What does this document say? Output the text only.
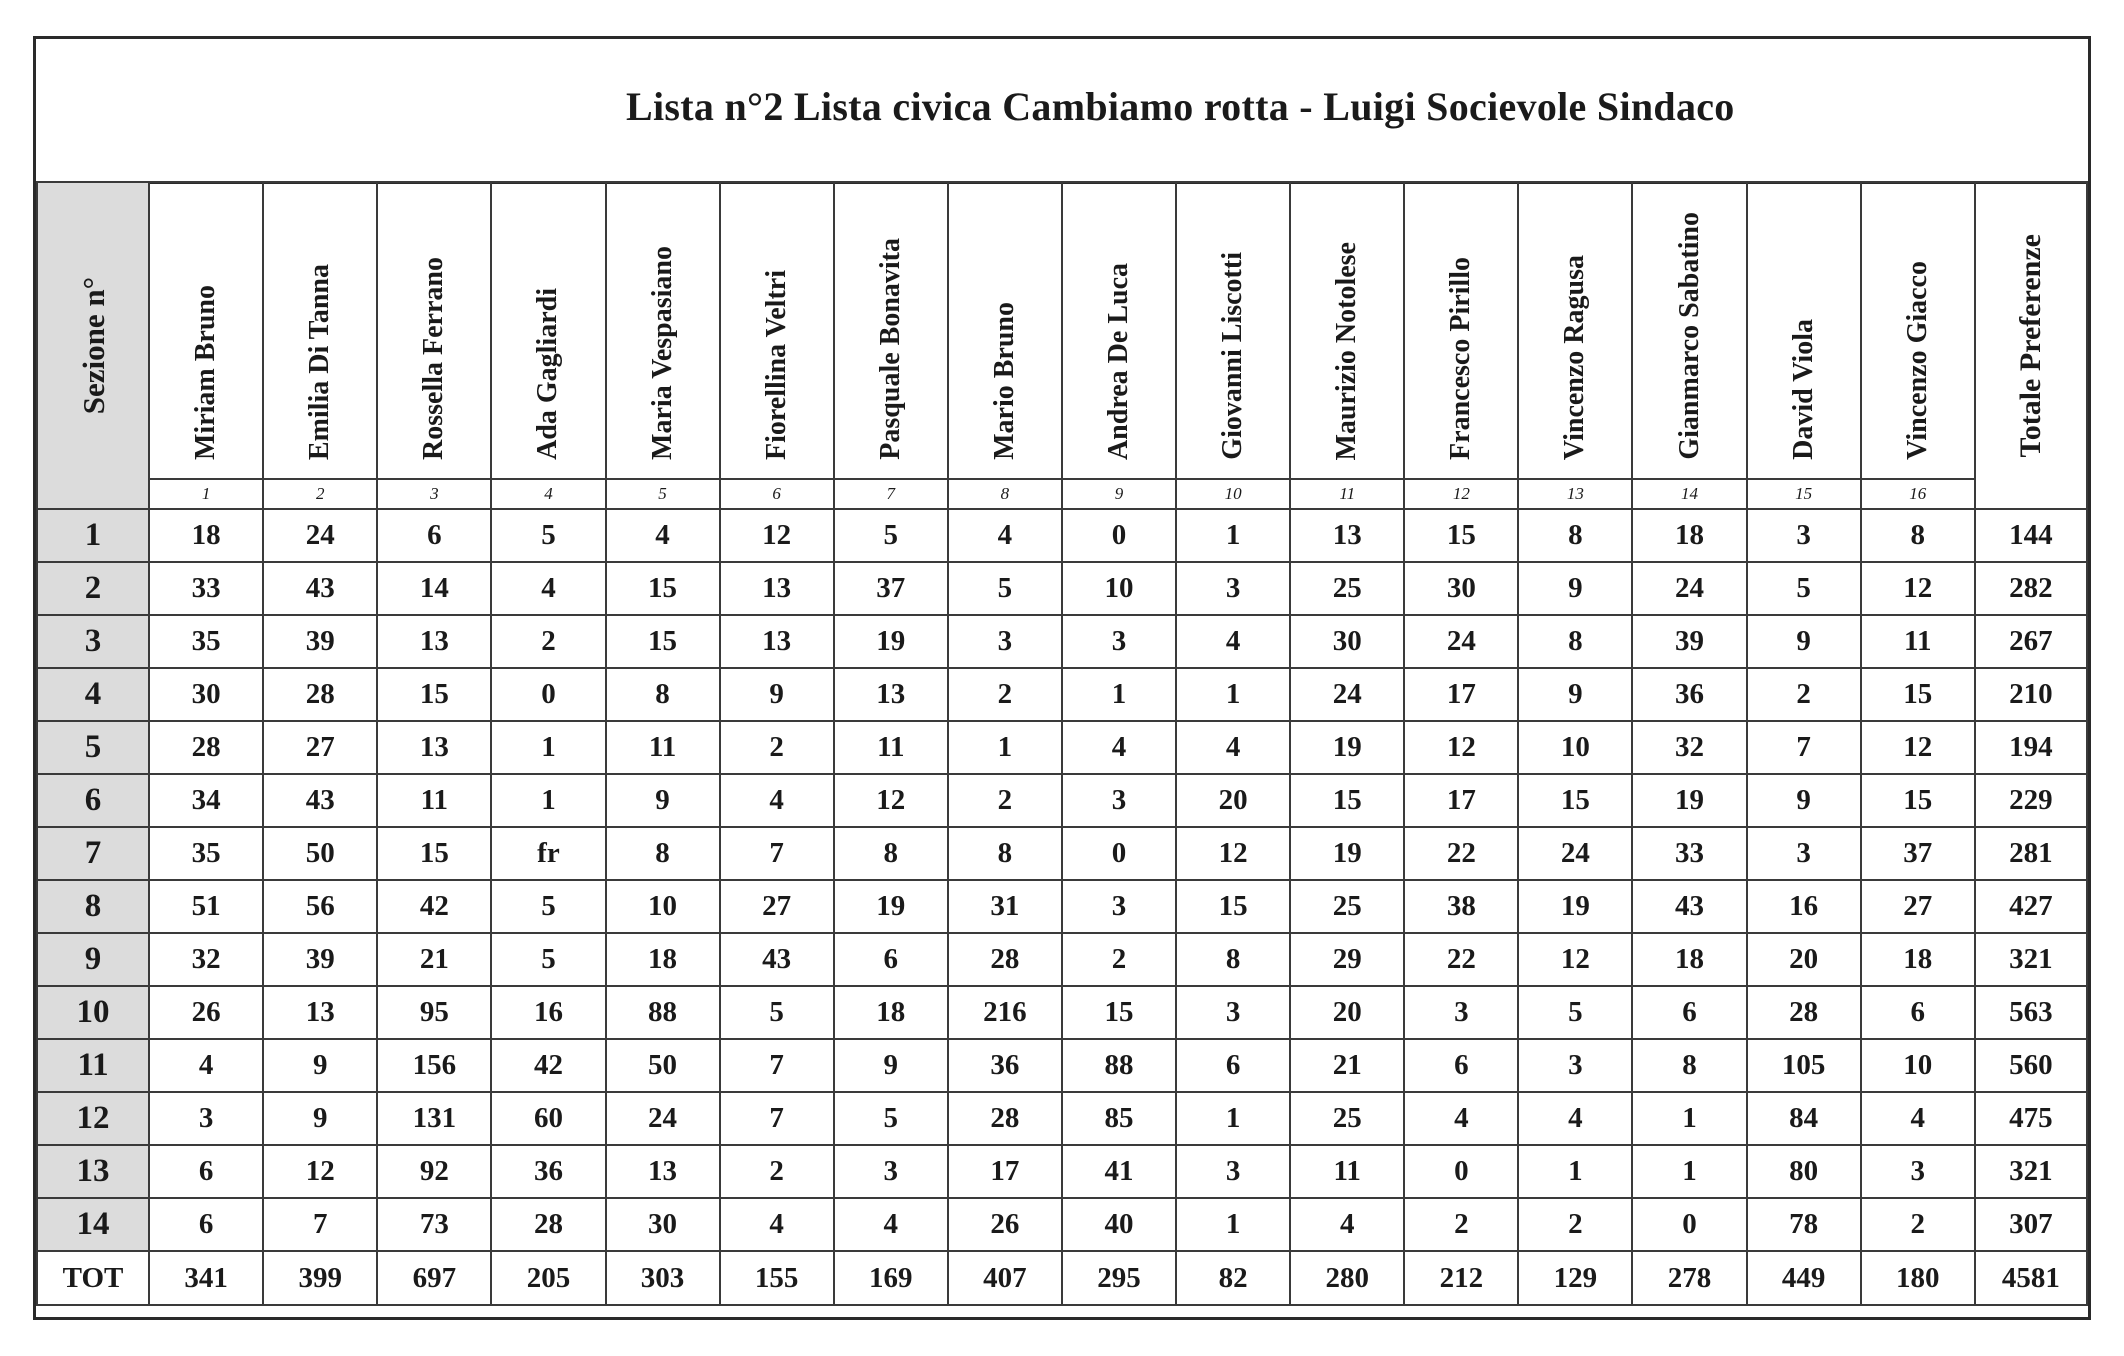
Lista n°2 Lista civica Cambiamo rotta - Luigi Socievole Sindaco
Sezione n°	Miriam Bruno	Emilia Di Tanna	Rossella Ferrano	Ada Gagliardi	Maria Vespasiano	Fiorellina Veltri	Pasquale Bonavita	Mario Bruno	Andrea De Luca	Giovanni Liscotti	Maurizio Notolese	Francesco Pirillo	Vincenzo Ragusa	Gianmarco Sabatino	David Viola	Vincenzo Giacco	Totale Preferenze

	1	2	3	4	5	6	7	8	9	10	11	12	13	14	15	16	
1	18	24	6	5	4	12	5	4	0	1	13	15	8	18	3	8	144
2	33	43	14	4	15	13	37	5	10	3	25	30	9	24	5	12	282
3	35	39	13	2	15	13	19	3	3	4	30	24	8	39	9	11	267
4	30	28	15	0	8	9	13	2	1	1	24	17	9	36	2	15	210
5	28	27	13	1	11	2	11	1	4	4	19	12	10	32	7	12	194
6	34	43	11	1	9	4	12	2	3	20	15	17	15	19	9	15	229
7	35	50	15	fr	8	7	8	8	0	12	19	22	24	33	3	37	281
8	51	56	42	5	10	27	19	31	3	15	25	38	19	43	16	27	427
9	32	39	21	5	18	43	6	28	2	8	29	22	12	18	20	18	321
10	26	13	95	16	88	5	18	216	15	3	20	3	5	6	28	6	563
11	4	9	156	42	50	7	9	36	88	6	21	6	3	8	105	10	560
12	3	9	131	60	24	7	5	28	85	1	25	4	4	1	84	4	475
13	6	12	92	36	13	2	3	17	41	3	11	0	1	1	80	3	321
14	6	7	73	28	30	4	4	26	40	1	4	2	2	0	78	2	307
TOT	341	399	697	205	303	155	169	407	295	82	280	212	129	278	449	180	4581
